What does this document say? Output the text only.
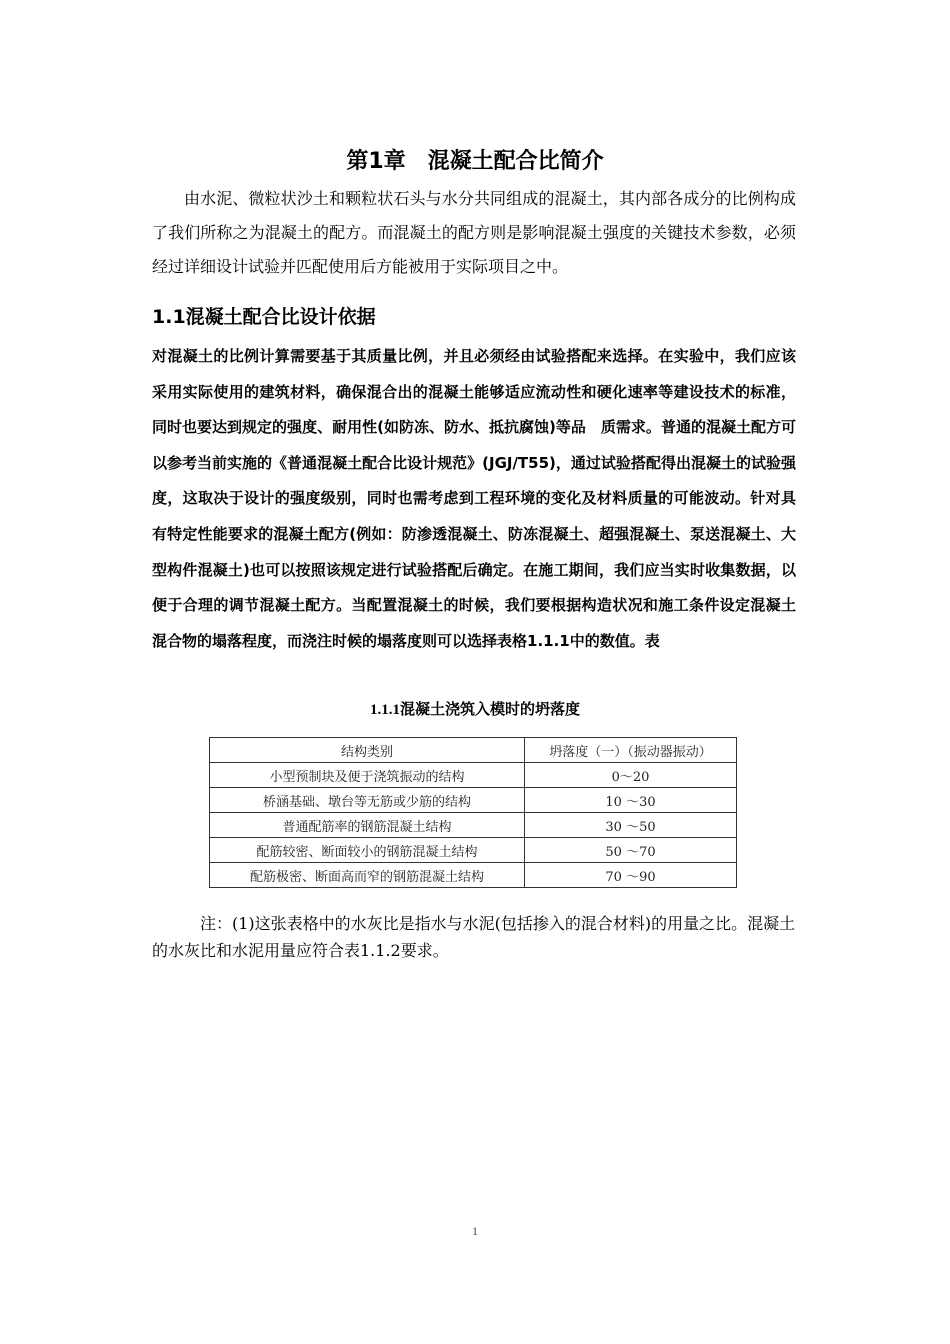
第1章　混凝土配合比简介

由水泥、微粒状沙土和颗粒状石头与水分共同组成的混凝土，其内部各成分的比例构成了我们所称之为混凝土的配方。而混凝土的配方则是影响混凝土强度的关键技术参数，必须经过详细设计试验并匹配使用后方能被用于实际项目之中。

1.1混凝土配合比设计依据

对混凝土的比例计算需要基于其质量比例，并且必须经由试验搭配来选择。在实验中，我们应该采用实际使用的建筑材料，确保混合出的混凝土能够适应流动性和硬化速率等建设技术的标准，同时也要达到规定的强度、耐用性(如防冻、防水、抵抗腐蚀)等品　质需求。普通的混凝土配方可以参考当前实施的《普通混凝土配合比设计规范》(JGJ/T55)，通过试验搭配得出混凝土的试验强度，这取决于设计的强度级别，同时也需考虑到工程环境的变化及材料质量的可能波动。针对具有特定性能要求的混凝土配方(例如：防渗透混凝土、防冻混凝土、超强混凝土、泵送混凝土、大型构件混凝土)也可以按照该规定进行试验搭配后确定。在施工期间，我们应当实时收集数据，以便于合理的调节混凝土配方。当配置混凝土的时候，我们要根据构造状况和施工条件设定混凝土混合物的塌落程度，而浇注时候的塌落度则可以选择表格1.1.1中的数值。表

1.1.1混凝土浇筑入模时的坍落度

结构类别	坍落度（一）（振动器振动）
小型预制块及便于浇筑振动的结构	0～20
桥涵基础、墩台等无筋或少筋的结构	10 ～30
普通配筋率的钢筋混凝土结构	30 ～50
配筋较密、断面较小的钢筋混凝土结构	50 ～70
配筋极密、断面高而窄的钢筋混凝土结构	70 ～90

注：(1)这张表格中的水灰比是指水与水泥(包括掺入的混合材料)的用量之比。混凝土的水灰比和水泥用量应符合表1.1.2要求。

1
